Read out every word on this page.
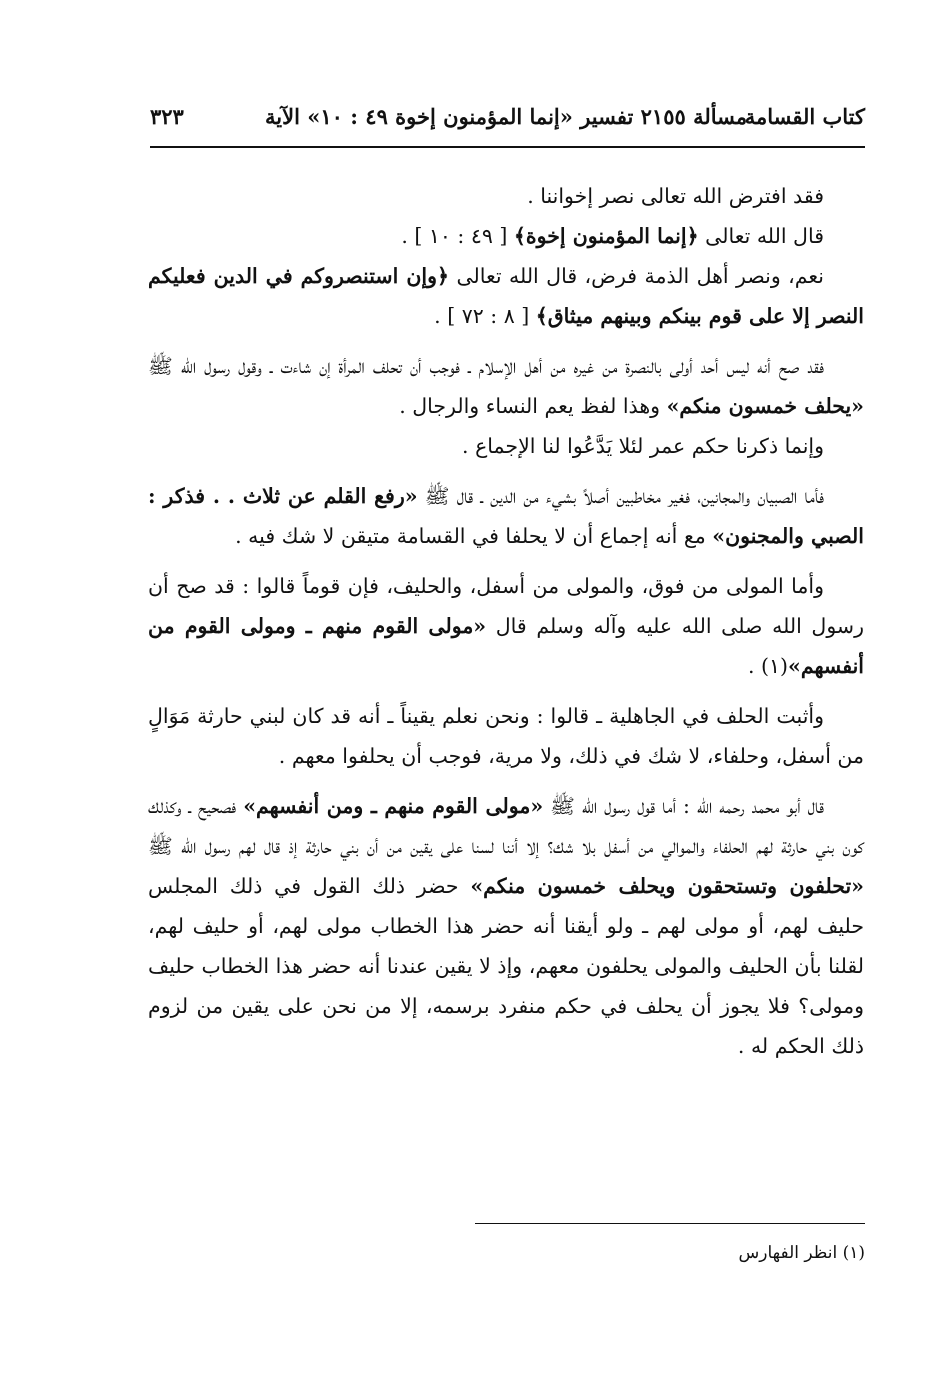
كتاب القسامة
مسألة ٢١٥٥ تفسير «إنما المؤمنون إخوة ٤٩ : ١٠» الآية
٣٢٣

فقد افترض الله تعالى نصر إخواننا .

قال الله تعالى ﴿إنما المؤمنون إخوة﴾ [ ٤٩ : ١٠ ] .

نعم، ونصر أهل الذمة فرض، قال الله تعالى ﴿وإن استنصروكم في الدين فعليكم النصر إلا على قوم بينكم وبينهم ميثاق﴾ [ ٨ : ٧٢ ] .

فقد صح أنه ليس أحد أولى بالنصرة من غيره من أهل الإسلام ـ فوجب أن تحلف المرأة إن شاءت ـ وقول رسول الله ﷺ «يحلف خمسون منكم» وهذا لفظ يعم النساء والرجال .

وإنما ذكرنا حكم عمر لئلا يَدَّعُوا لنا الإجماع .

فأما الصبيان والمجانين، فغير مخاطبين أصلاً بشيء من الدين ـ قال ﷺ «رفع القلم عن ثلاث . . فذكر : الصبي والمجنون» مع أنه إجماع أن لا يحلفا في القسامة متيقن لا شك فيه .

وأما المولى من فوق، والمولى من أسفل، والحليف، فإن قوماً قالوا : قد صح أن رسول الله صلى الله عليه وآله وسلم قال «مولى القوم منهم ـ ومولى القوم من أنفسهم»(١) .

وأثبت الحلف في الجاهلية ـ قالوا : ونحن نعلم يقيناً ـ أنه قد كان لبني حارثة مَوَالٍ من أسفل، وحلفاء، لا شك في ذلك، ولا مرية، فوجب أن يحلفوا معهم .

قال أبو محمد رحمه الله : أما قول رسول الله ﷺ «مولى القوم منهم ـ ومن أنفسهم» فصحيح ـ وكذلك كون بني حارثة لهم الحلفاء والموالي من أسفل بلا شك؟ إلا أننا لسنا على يقين من أن بني حارثة إذ قال لهم رسول الله ﷺ «تحلفون وتستحقون ويحلف خمسون منكم» حضر ذلك القول في ذلك المجلس حليف لهم، أو مولى لهم ـ ولو أيقنا أنه حضر هذا الخطاب مولى لهم، أو حليف لهم، لقلنا بأن الحليف والمولى يحلفون معهم، وإذ لا يقين عندنا أنه حضر هذا الخطاب حليف ومولى؟ فلا يجوز أن يحلف في حكم منفرد برسمه، إلا من نحن على يقين من لزوم ذلك الحكم له .

(١) انظر الفهارس
